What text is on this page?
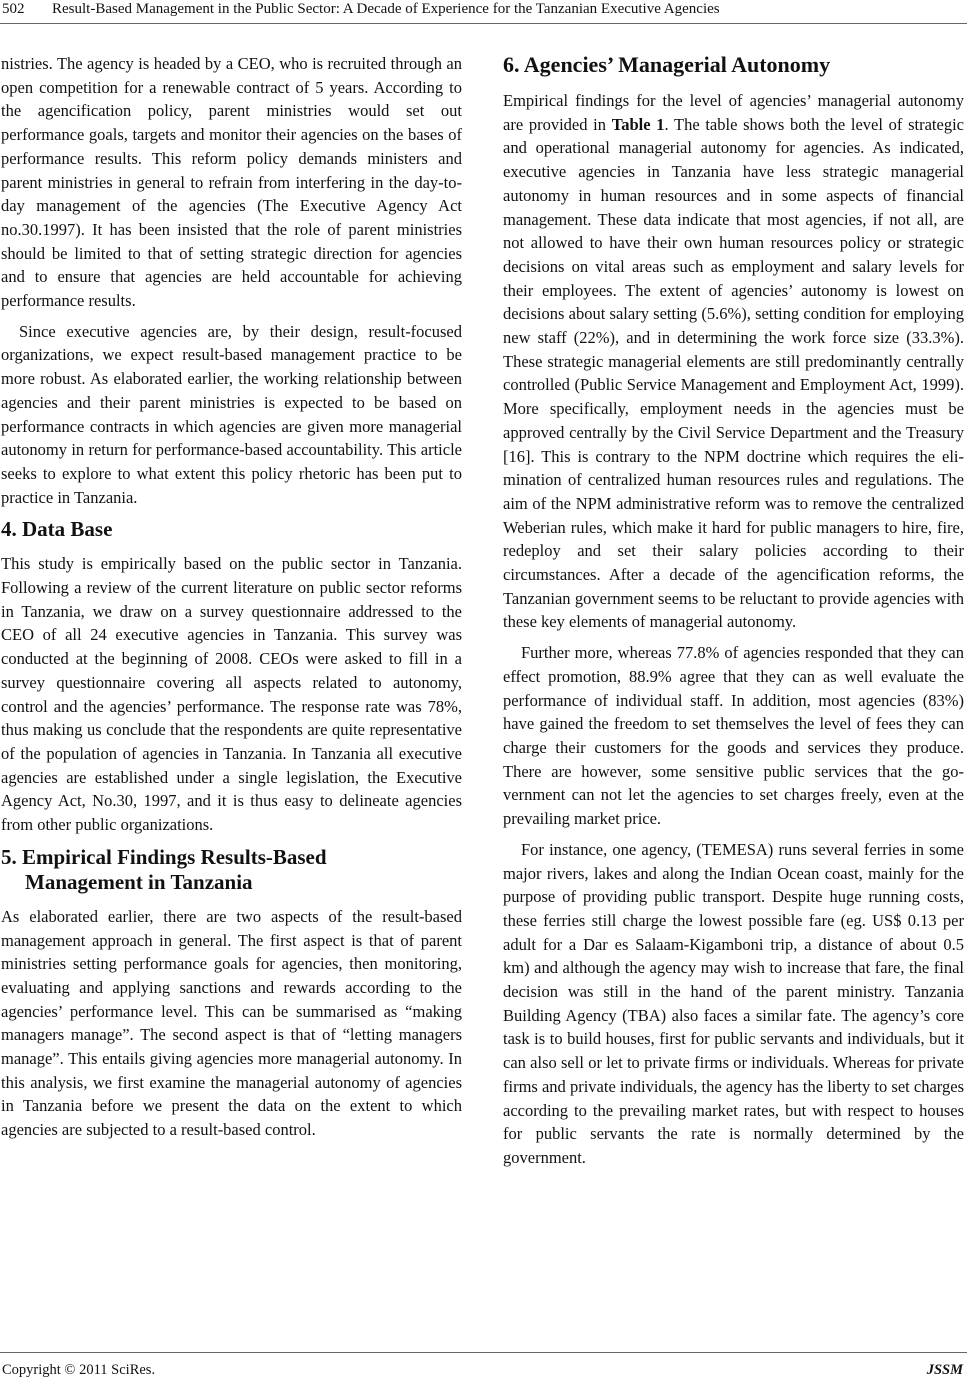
502 Result-Based Management in the Public Sector: A Decade of Experience for the Tanzanian Executive Agencies

nistries. The agency is headed by a CEO, who is recruited through an open competition for a renewable contract of 5 years. According to the agencification policy, parent ministries would set out performance goals, targets and monitor their agencies on the bases of performance results. This reform policy demands ministers and parent ministries in general to refrain from interfering in the day-to-day management of the agencies (The Executive Agency Act no.30.1997). It has been insisted that the role of parent ministries should be limited to that of setting strategic direction for agencies and to ensure that agencies are held accountable for achieving performance results.

Since executive agencies are, by their design, result-focused organizations, we expect result-based management practice to be more robust. As elaborated earlier, the working relationship between agencies and their parent ministries is expected to be based on performance contracts in which agencies are given more managerial autonomy in return for performance-based accountability. This article seeks to explore to what extent this policy rhetoric has been put to practice in Tanzania.

4. Data Base

This study is empirically based on the public sector in Tanzania. Following a review of the current literature on public sector reforms in Tanzania, we draw on a survey questionnaire addressed to the CEO of all 24 executive agencies in Tanzania. This survey was conducted at the beginning of 2008. CEOs were asked to fill in a survey questionnaire covering all aspects related to autonomy, control and the agencies’ performance. The response rate was 78%, thus making us conclude that the respondents are quite representative of the population of agencies in Tanzania. In Tanzania all executive agencies are established under a single legislation, the Executive Agency Act, No.30, 1997, and it is thus easy to delineate agencies from other public organizations.

5. Empirical Findings Results-Based
Management in Tanzania

As elaborated earlier, there are two aspects of the result-based management approach in general. The first aspect is that of parent ministries setting performance goals for agencies, then monitoring, evaluating and applying sanctions and rewards according to the agencies’ performance level. This can be summarised as “making managers manage”. The second aspect is that of “letting managers manage”. This entails giving agencies more managerial autonomy. In this analysis, we first examine the managerial autonomy of agencies in Tanzania before we present the data on the extent to which agencies are subjected to a result-based control.

6. Agencies’ Managerial Autonomy

Empirical findings for the level of agencies’ managerial autonomy are provided in Table 1. The table shows both the level of strategic and operational managerial autonomy for agencies. As indicated, executive agencies in Tanzania have less strategic managerial autonomy in human resources and in some aspects of financial management. These data indicate that most agencies, if not all, are not allowed to have their own human resources policy or strategic decisions on vital areas such as employment and salary levels for their employees. The extent of agencies’ autonomy is lowest on decisions about salary setting (5.6%), setting condition for employing new staff (22%), and in determining the work force size (33.3%). These strategic managerial elements are still predominantly centrally controlled (Public Service Management and Employment Act, 1999). More specifically, employment needs in the agencies must be approved centrally by the Civil Service Department and the Treasury [16]. This is contrary to the NPM doctrine which requires the elimination of centralized human resources rules and regulations. The aim of the NPM administrative reform was to remove the centralized Weberian rules, which make it hard for public managers to hire, fire, redeploy and set their salary policies according to their circumstances. After a decade of the agencification reforms, the Tanzanian government seems to be reluctant to provide agencies with these key elements of managerial autonomy.

Further more, whereas 77.8% of agencies responded that they can effect promotion, 88.9% agree that they can as well evaluate the performance of individual staff. In addition, most agencies (83%) have gained the freedom to set themselves the level of fees they can charge their customers for the goods and services they produce. There are however, some sensitive public services that the government can not let the agencies to set charges freely, even at the prevailing market price.

For instance, one agency, (TEMESA) runs several ferries in some major rivers, lakes and along the Indian Ocean coast, mainly for the purpose of providing public transport. Despite huge running costs, these ferries still charge the lowest possible fare (eg. US$ 0.13 per adult for a Dar es Salaam-Kigamboni trip, a distance of about 0.5 km) and although the agency may wish to increase that fare, the final decision was still in the hand of the parent ministry. Tanzania Building Agency (TBA) also faces a similar fate. The agency’s core task is to build houses, first for public servants and individuals, but it can also sell or let to private firms or individuals. Whereas for private firms and private individuals, the agency has the liberty to set charges according to the prevailing market rates, but with respect to houses for public servants the rate is normally determined by the government.

Copyright © 2011 SciRes.	JSSM
